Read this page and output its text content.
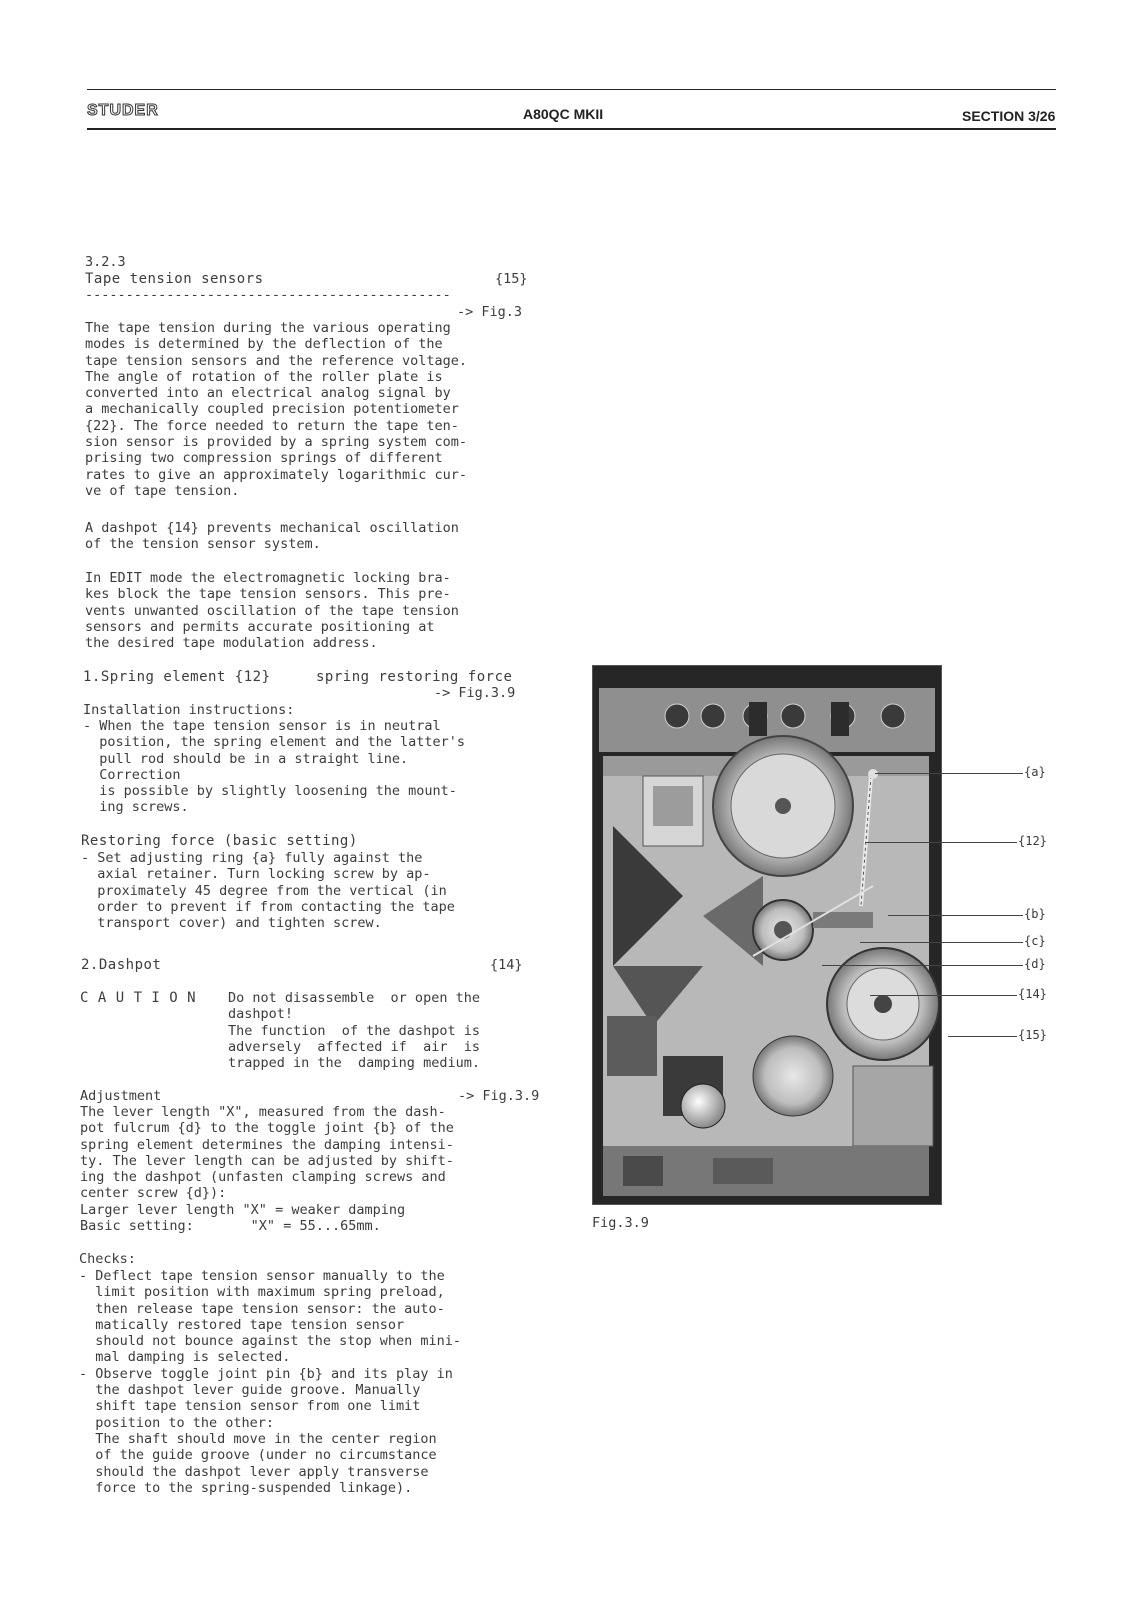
STUDER	A80QC MKII	SECTION 3/26
3.2.3
Tape tension sensors	{15}
---------------------------------------------
-> Fig.3
The tape tension during the various operating
modes is determined by the deflection of the
tape tension sensors and the reference voltage.
The angle of rotation of the roller plate is
converted into an electrical analog signal by
a mechanically coupled precision potentiometer
{22}. The force needed to return the tape ten-
sion sensor is provided by a spring system com-
prising two compression springs of different
rates to give an approximately logarithmic cur-
ve of tape tension.
A dashpot {14} prevents mechanical oscillation
of the tension sensor system.
In EDIT mode the electromagnetic locking bra-
kes block the tape tension sensors. This pre-
vents unwanted oscillation of the tape tension
sensors and permits accurate positioning at
the desired tape modulation address.
1.Spring element {12}	spring restoring force
-> Fig.3.9
Installation instructions:
- When the tape tension sensor is in neutral
position, the spring element and the latter's
pull rod should be in a straight line.
Correction
is possible by slightly loosening the mount-
ing screws.
Restoring force (basic setting)
- Set adjusting ring {a} fully against the
axial retainer. Turn locking screw by ap-
proximately 45 degree from the vertical (in
order to prevent if from contacting the tape
transport cover) and tighten screw.
2.Dashpot	{14}
C A U T I O N Do not disassemble  or open the
dashpot!
The function  of the dashpot is
adversely  affected if  air  is
trapped in the  damping medium.
Adjustment	-> Fig.3.9
The lever length "X", measured from the dash-
pot fulcrum {d} to the toggle joint {b} of the
spring element determines the damping intensi-
ty. The lever length can be adjusted by shift-
ing the dashpot (unfasten clamping screws and
center screw {d}):
Larger lever length "X" = weaker damping
Basic setting:       "X" = 55...65mm.
Checks:
- Deflect tape tension sensor manually to the
limit position with maximum spring preload,
then release tape tension sensor: the auto-
matically restored tape tension sensor
should not bounce against the stop when mini-
mal damping is selected.
- Observe toggle joint pin {b} and its play in
the dashpot lever guide groove. Manually
shift tape tension sensor from one limit
position to the other:
The shaft should move in the center region
of the guide groove (under no circumstance
should the dashpot lever apply transverse
force to the spring-suspended linkage).
{a}
{12}
{b}
{c}
{d}
{14}
{15}
Fig.3.9
